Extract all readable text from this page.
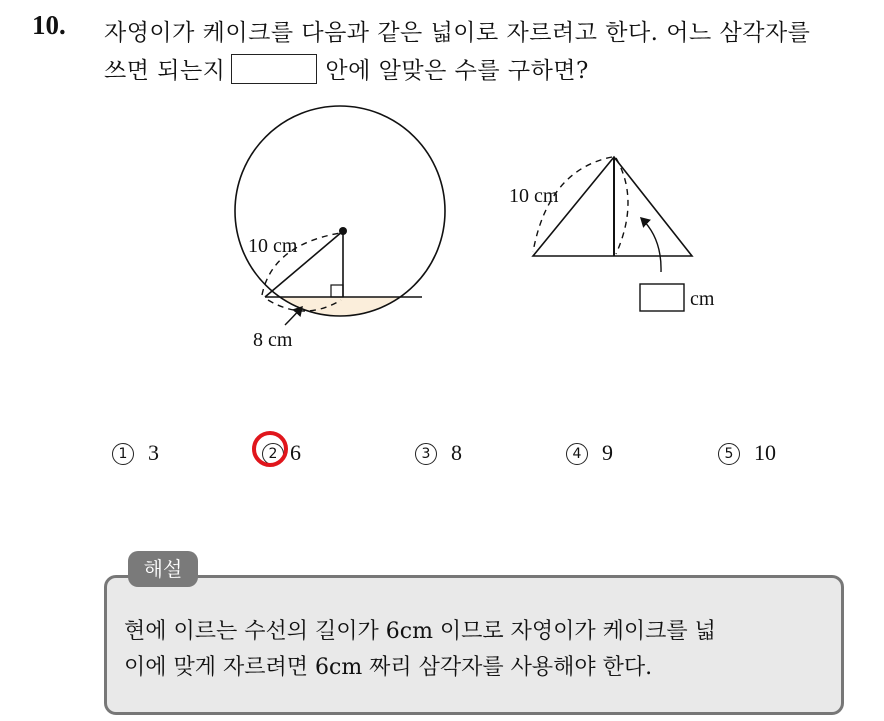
10. 자영이가 케이크를 다음과 같은 넓이로 자르려고 한다. 어느 삼각자를
쓰면 되는지	안에 알맞은 수를 구하면?
10 cm
8 cm
10 cm
cm
1 3	2 6	3 8	4 9	5 10
해설
현에 이르는 수선의 길이가 6cm 이므로 자영이가 케이크를 넓
이에 맞게 자르려면 6cm 짜리 삼각자를 사용해야 한다.
